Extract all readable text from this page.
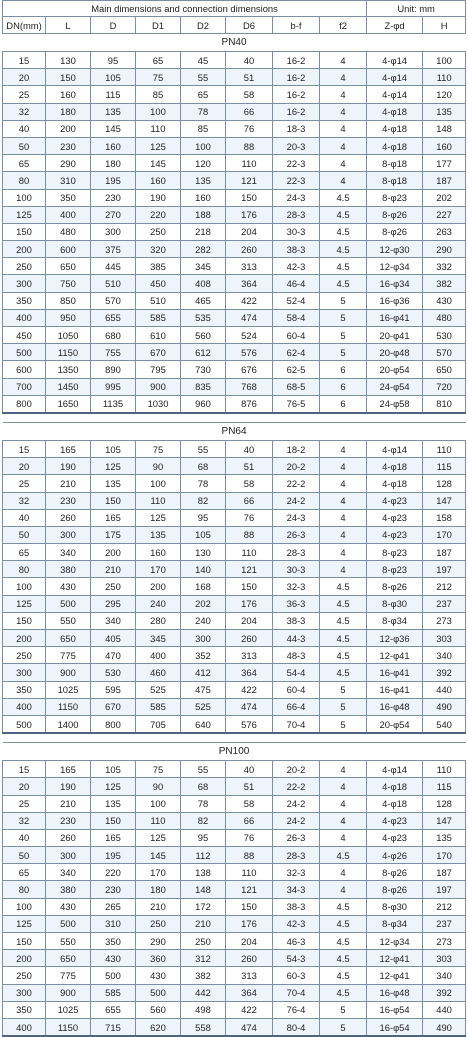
Main dimensions and connection dimensions								Unit: mm	
DN(mm)	L	D	D1	D2	D6	b-f	f2	Z-φd	H
PN40									
15	130	95	65	45	40	16-2	4	4-φ14	100
20	150	105	75	55	51	16-2	4	4-φ14	110
25	160	115	85	65	58	16-2	4	4-φ14	120
32	180	135	100	78	66	16-2	4	4-φ18	135
40	200	145	110	85	76	18-3	4	4-φ18	148
50	230	160	125	100	88	20-3	4	4-φ18	160
65	290	180	145	120	110	22-3	4	8-φ18	177
80	310	195	160	135	121	22-3	4	8-φ18	187
100	350	230	190	160	150	24-3	4.5	8-φ23	202
125	400	270	220	188	176	28-3	4.5	8-φ26	227
150	480	300	250	218	204	30-3	4.5	8-φ26	263
200	600	375	320	282	260	38-3	4.5	12-φ30	290
250	650	445	385	345	313	42-3	4.5	12-φ34	332
300	750	510	450	408	364	46-4	4.5	16-φ34	382
350	850	570	510	465	422	52-4	5	16-φ36	430
400	950	655	585	535	474	58-4	5	16-φ41	480
450	1050	680	610	560	524	60-4	5	20-φ41	530
500	1150	755	670	612	576	62-4	5	20-φ48	570
600	1350	890	795	730	676	62-5	6	20-φ54	650
700	1450	995	900	835	768	68-5	6	24-φ54	720
800	1650	1135	1030	960	876	76-5	6	24-φ58	810

PN64									
15	165	105	75	55	40	18-2	4	4-φ14	110
20	190	125	90	68	51	20-2	4	4-φ18	115
25	210	135	100	78	58	22-2	4	4-φ18	128
32	230	150	110	82	66	24-2	4	4-φ23	147
40	260	165	125	95	76	24-3	4	4-φ23	158
50	300	175	135	105	88	26-3	4	4-φ23	170
65	340	200	160	130	110	28-3	4	8-φ23	187
80	380	210	170	140	121	30-3	4	8-φ23	197
100	430	250	200	168	150	32-3	4.5	8-φ26	212
125	500	295	240	202	176	36-3	4.5	8-φ30	237
150	550	340	280	240	204	38-3	4.5	8-φ34	273
200	650	405	345	300	260	44-3	4.5	12-φ36	303
250	775	470	400	352	313	48-3	4.5	12-φ41	340
300	900	530	460	412	364	54-4	4.5	16-φ41	392
350	1025	595	525	475	422	60-4	5	16-φ41	440
400	1150	670	585	525	474	66-4	5	16-φ48	490
500	1400	800	705	640	576	70-4	5	20-φ54	540

PN100									
15	165	105	75	55	40	20-2	4	4-φ14	110
20	190	125	90	68	51	22-2	4	4-φ18	115
25	210	135	100	78	58	24-2	4	4-φ18	128
32	230	150	110	82	66	24-2	4	4-φ23	147
40	260	165	125	95	76	26-3	4	4-φ23	135
50	300	195	145	112	88	28-3	4.5	4-φ26	170
65	340	220	170	138	110	32-3	4	8-φ26	187
80	380	230	180	148	121	34-3	4	8-φ26	197
100	430	265	210	172	150	38-3	4.5	8-φ30	212
125	500	310	250	210	176	42-3	4.5	8-φ34	237
150	550	350	290	250	204	46-3	4.5	12-φ34	273
200	650	430	360	312	260	54-3	4.5	12-φ41	303
250	775	500	430	382	313	60-3	4.5	12-φ41	340
300	900	585	500	442	364	70-4	4.5	16-φ48	392
350	1025	655	560	498	422	76-4	5	16-φ54	440
400	1150	715	620	558	474	80-4	5	16-φ54	490
